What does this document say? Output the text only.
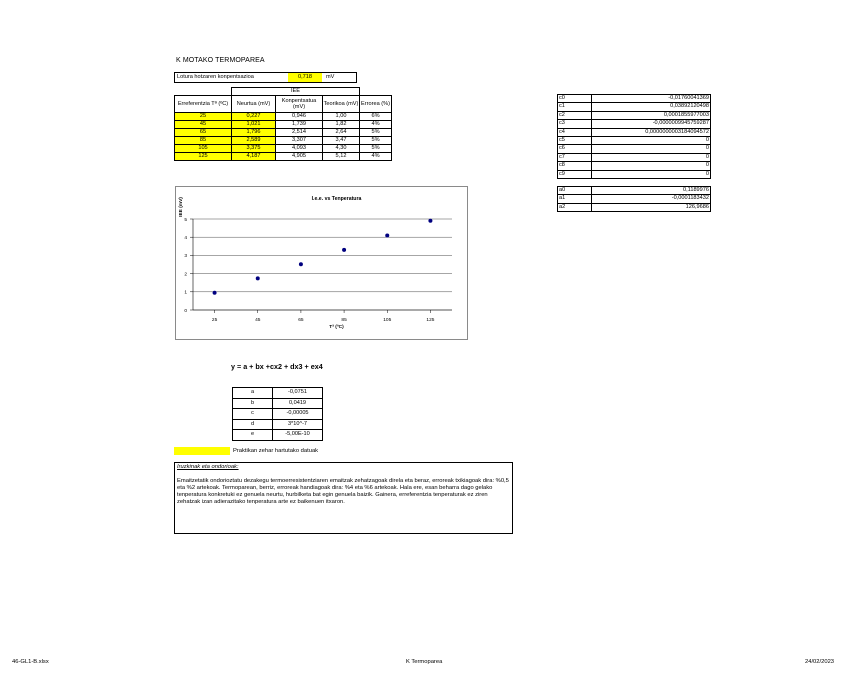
K MOTAKO TERMOPAREA
Lotura hotzaren konpentsazioa	0,718	mV
	IEE			
Erreferentzia Tª (ºC)	Neurtua (mV)	Konpentsatua (mV)	Teorikoa (mV)	Errorea (%)
25	0,227	0,946	1,00	6%
45	1,021	1,739	1,82	4%
65	1,796	2,514	2,64	5%
85	2,589	3,307	3,47	5%
105	3,375	4,093	4,30	5%
125	4,187	4,905	5,12	4%
c0	-0,01760041369
c1	0,03892120498
c2	0,0001855977003
c3	-0,0000009945759287
c4	0,0000000003184094572
c5	0
c6	0
c7	0
c8	0
c9	0
a0	0,1189976
a1	-0,0001183432
a2	126,9686
0
1
2
3
4
5
25	45	65	85	105	125
I.e.e. vs Tenperatura
Tª (ºC)
IEE (mV)
y = a + bx +cx2 + dx3 + ex4
a	-0,0751
b	0,0419
c	-0,00005
d	3*10^-7
e	-5,00E-10
Praktikan zehar hartutako datuak
Iruzkinak eta ondorioak:
Emaitzetatik ondorioztatu dezakegu termoerresistentziaren emaitzak zehatzagoak direla eta beraz, erroreak txikiagoak dira: %0,5 eta %2 artekoak. Termoparean, berriz, erroreak handiagoak dira: %4 eta %6 artekoak. Hala ere, esan beharra dago gelako tenperatura konkretuki ez genuela neurtu, hurbilketa bat egin genuela baizik. Gainera, erreferentzia tenperaturak ez ziren zehatzak izan adierazitako tenperatura arte ez baikenuen itxaron.
46-GL1-B.xlsx	K Termoparea	24/02/2023
